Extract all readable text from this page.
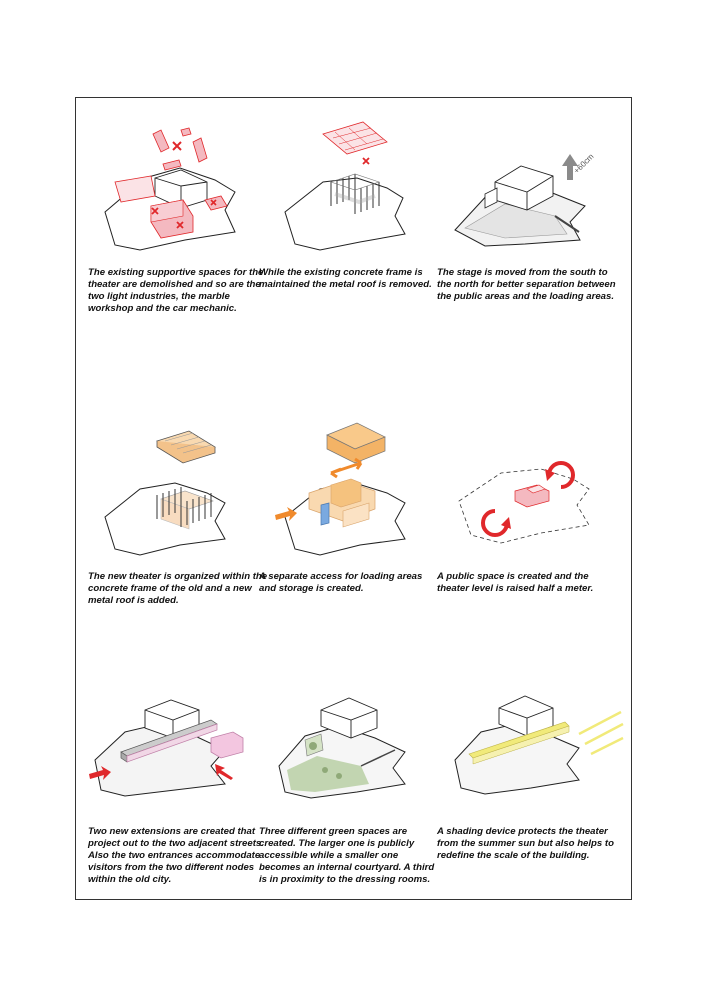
The existing supportive spaces for the theater are demolished and so are the two light industries, the marble workshop and the car mechanic.
While the existing concrete frame is maintained the metal roof is removed.
+60cm
The stage is moved from the south to the north for better separation between the public areas and the loading areas.
The new theater is organized within the concrete frame of the old and a new metal roof is added.
A separate access for loading areas and storage is created.
A public space is created and the theater level is raised half a meter.
Two new extensions are created that project out to the two adjacent streets. Also the two entrances accommodate visitors from the two different nodes within the old city.
Three different green spaces are created. The larger one is publicly accessible while a smaller one becomes an internal courtyard. A third is in proximity to the dressing rooms.
A shading device protects the theater from the summer sun but also helps to redefine the scale of the building.
